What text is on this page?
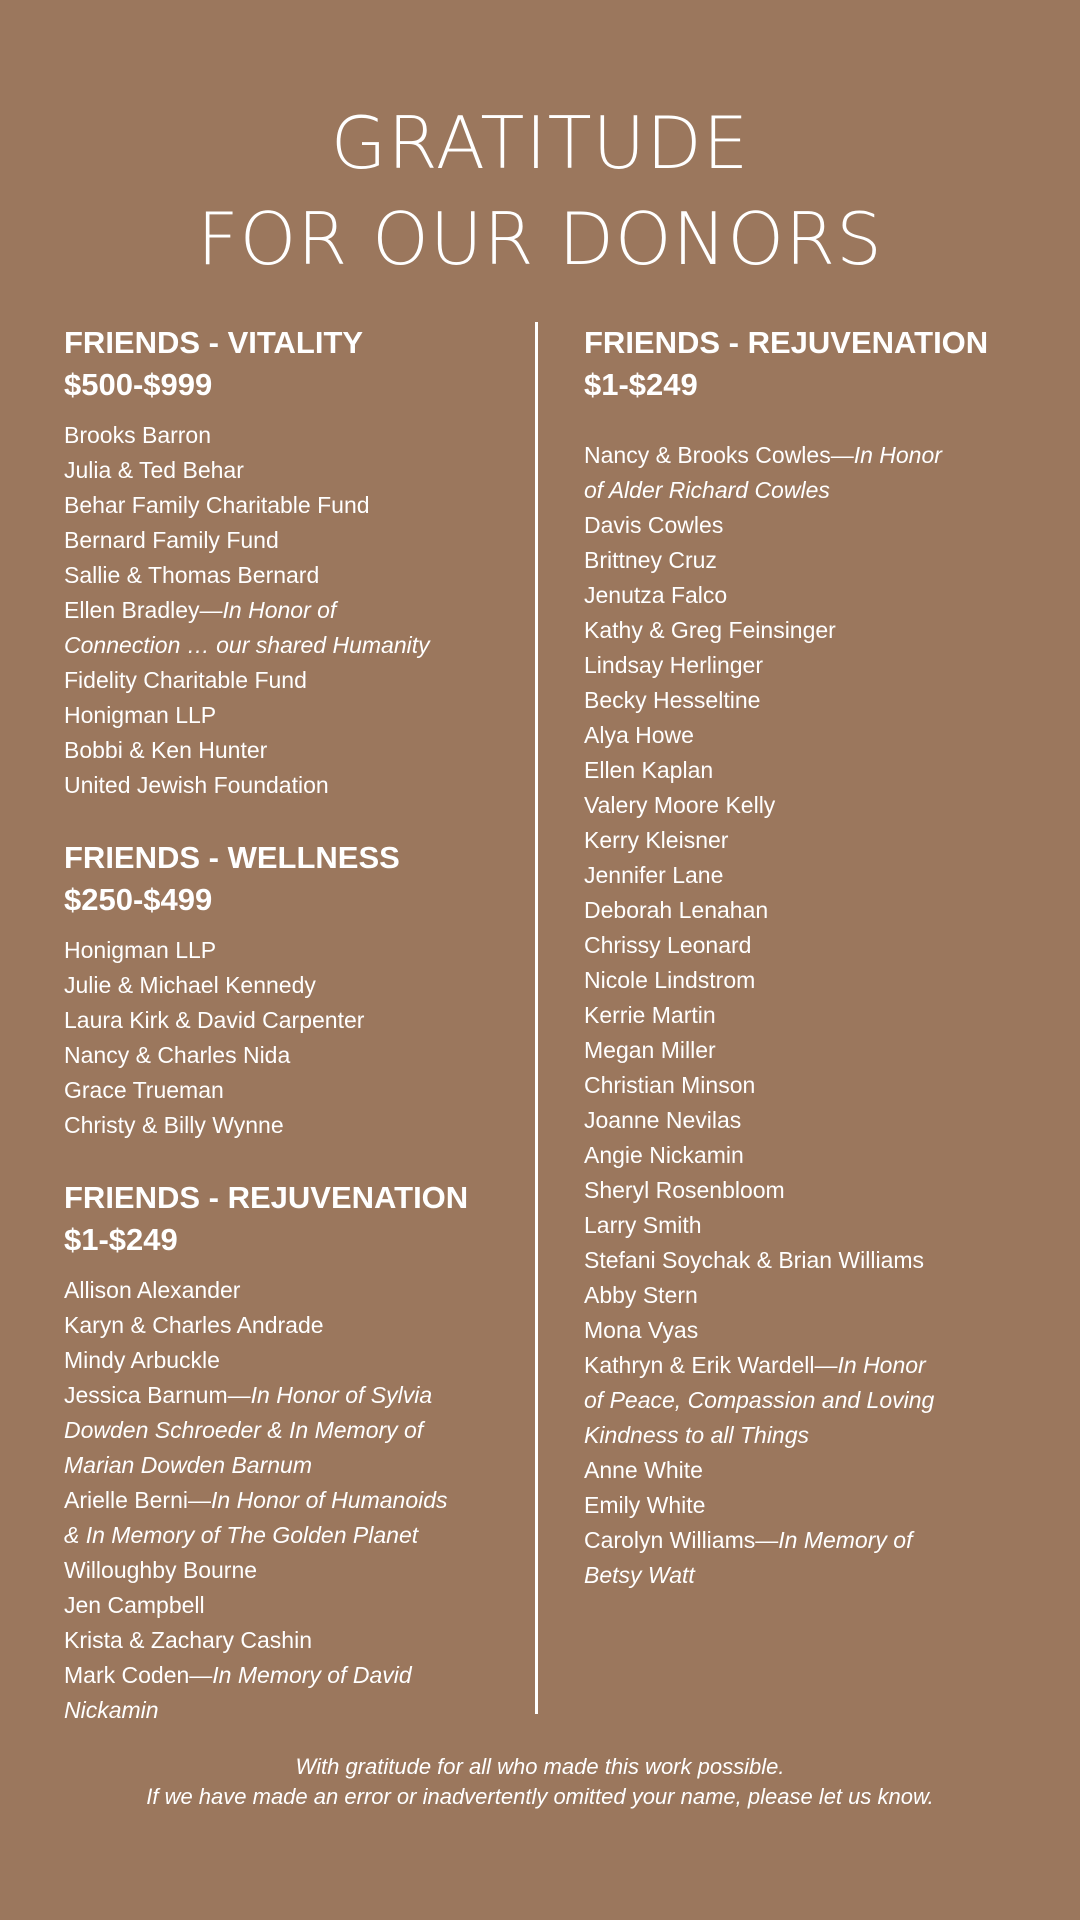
GRATITUDE
FOR OUR DONORS
FRIENDS - VITALITY
$500-$999
Brooks Barron
Julia & Ted Behar
Behar Family Charitable Fund
Bernard Family Fund
Sallie & Thomas Bernard
Ellen Bradley—In Honor of
Connection … our shared Humanity
Fidelity Charitable Fund
Honigman LLP
Bobbi & Ken Hunter
United Jewish Foundation
FRIENDS - WELLNESS
$250-$499
Honigman LLP
Julie & Michael Kennedy
Laura Kirk & David Carpenter
Nancy & Charles Nida
Grace Trueman
Christy & Billy Wynne
FRIENDS - REJUVENATION
$1-$249
Allison Alexander
Karyn & Charles Andrade
Mindy Arbuckle
Jessica Barnum—In Honor of Sylvia
Dowden Schroeder & In Memory of
Marian Dowden Barnum
Arielle Berni—In Honor of Humanoids
& In Memory of The Golden Planet
Willoughby Bourne
Jen Campbell
Krista & Zachary Cashin
Mark Coden—In Memory of David
Nickamin
FRIENDS - REJUVENATION
$1-$249
Nancy & Brooks Cowles—In Honor
of Alder Richard Cowles
Davis Cowles
Brittney Cruz
Jenutza Falco
Kathy & Greg Feinsinger
Lindsay Herlinger
Becky Hesseltine
Alya Howe
Ellen Kaplan
Valery Moore Kelly
Kerry Kleisner
Jennifer Lane
Deborah Lenahan
Chrissy Leonard
Nicole Lindstrom
Kerrie Martin
Megan Miller
Christian Minson
Joanne Nevilas
Angie Nickamin
Sheryl Rosenbloom
Larry Smith
Stefani Soychak & Brian Williams
Abby Stern
Mona Vyas
Kathryn & Erik Wardell—In Honor
of Peace, Compassion and Loving
Kindness to all Things
Anne White
Emily White
Carolyn Williams—In Memory of
Betsy Watt
With gratitude for all who made this work possible.
If we have made an error or inadvertently omitted your name, please let us know.
